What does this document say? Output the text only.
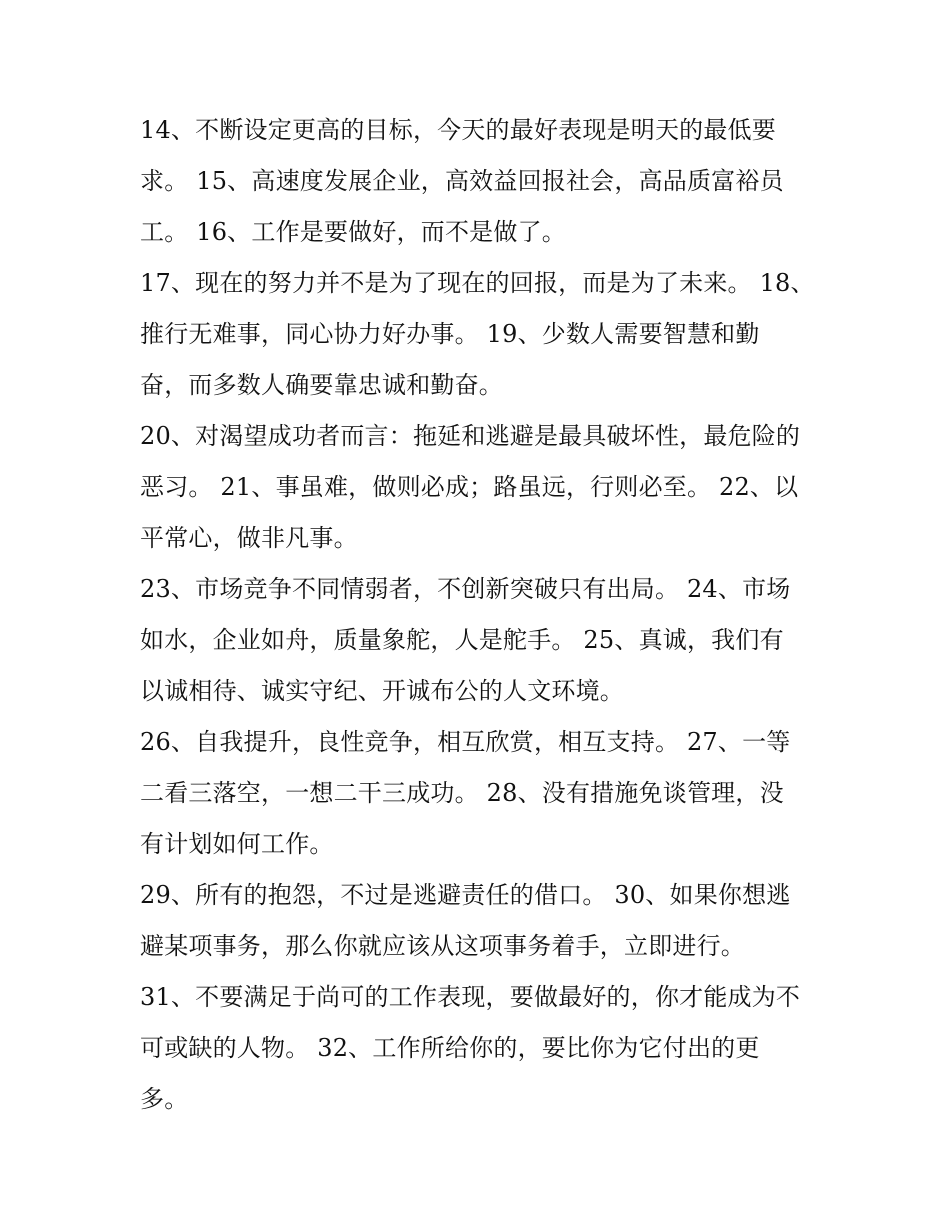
14、不断设定更高的目标，今天的最好表现是明天的最低要
求。 15、高速度发展企业，高效益回报社会，高品质富裕员
工。 16、工作是要做好，而不是做了。
17、现在的努力并不是为了现在的回报，而是为了未来。 18、
推行无难事，同心协力好办事。 19、少数人需要智慧和勤
奋，而多数人确要靠忠诚和勤奋。
20、对渴望成功者而言：拖延和逃避是最具破坏性，最危险的
恶习。 21、事虽难，做则必成；路虽远，行则必至。 22、以
平常心，做非凡事。
23、市场竞争不同情弱者，不创新突破只有出局。 24、市场
如水，企业如舟，质量象舵，人是舵手。 25、真诚，我们有
以诚相待、诚实守纪、开诚布公的人文环境。
26、自我提升，良性竞争，相互欣赏，相互支持。 27、一等
二看三落空，一想二干三成功。 28、没有措施免谈管理，没
有计划如何工作。
29、所有的抱怨，不过是逃避责任的借口。 30、如果你想逃
避某项事务，那么你就应该从这项事务着手，立即进行。
31、不要满足于尚可的工作表现，要做最好的，你才能成为不
可或缺的人物。 32、工作所给你的，要比你为它付出的更
多。
